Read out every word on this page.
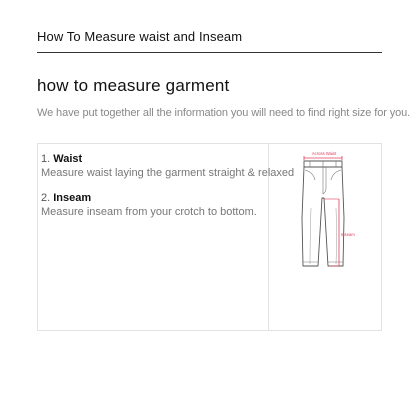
How To Measure waist and Inseam
how to measure garment
We have put together all the information you will need to find right size for you.
1. Waist
Measure waist laying the garment straight & relaxed
2. Inseam
Measure inseam from your crotch to bottom.
Across Waist
Inseam
